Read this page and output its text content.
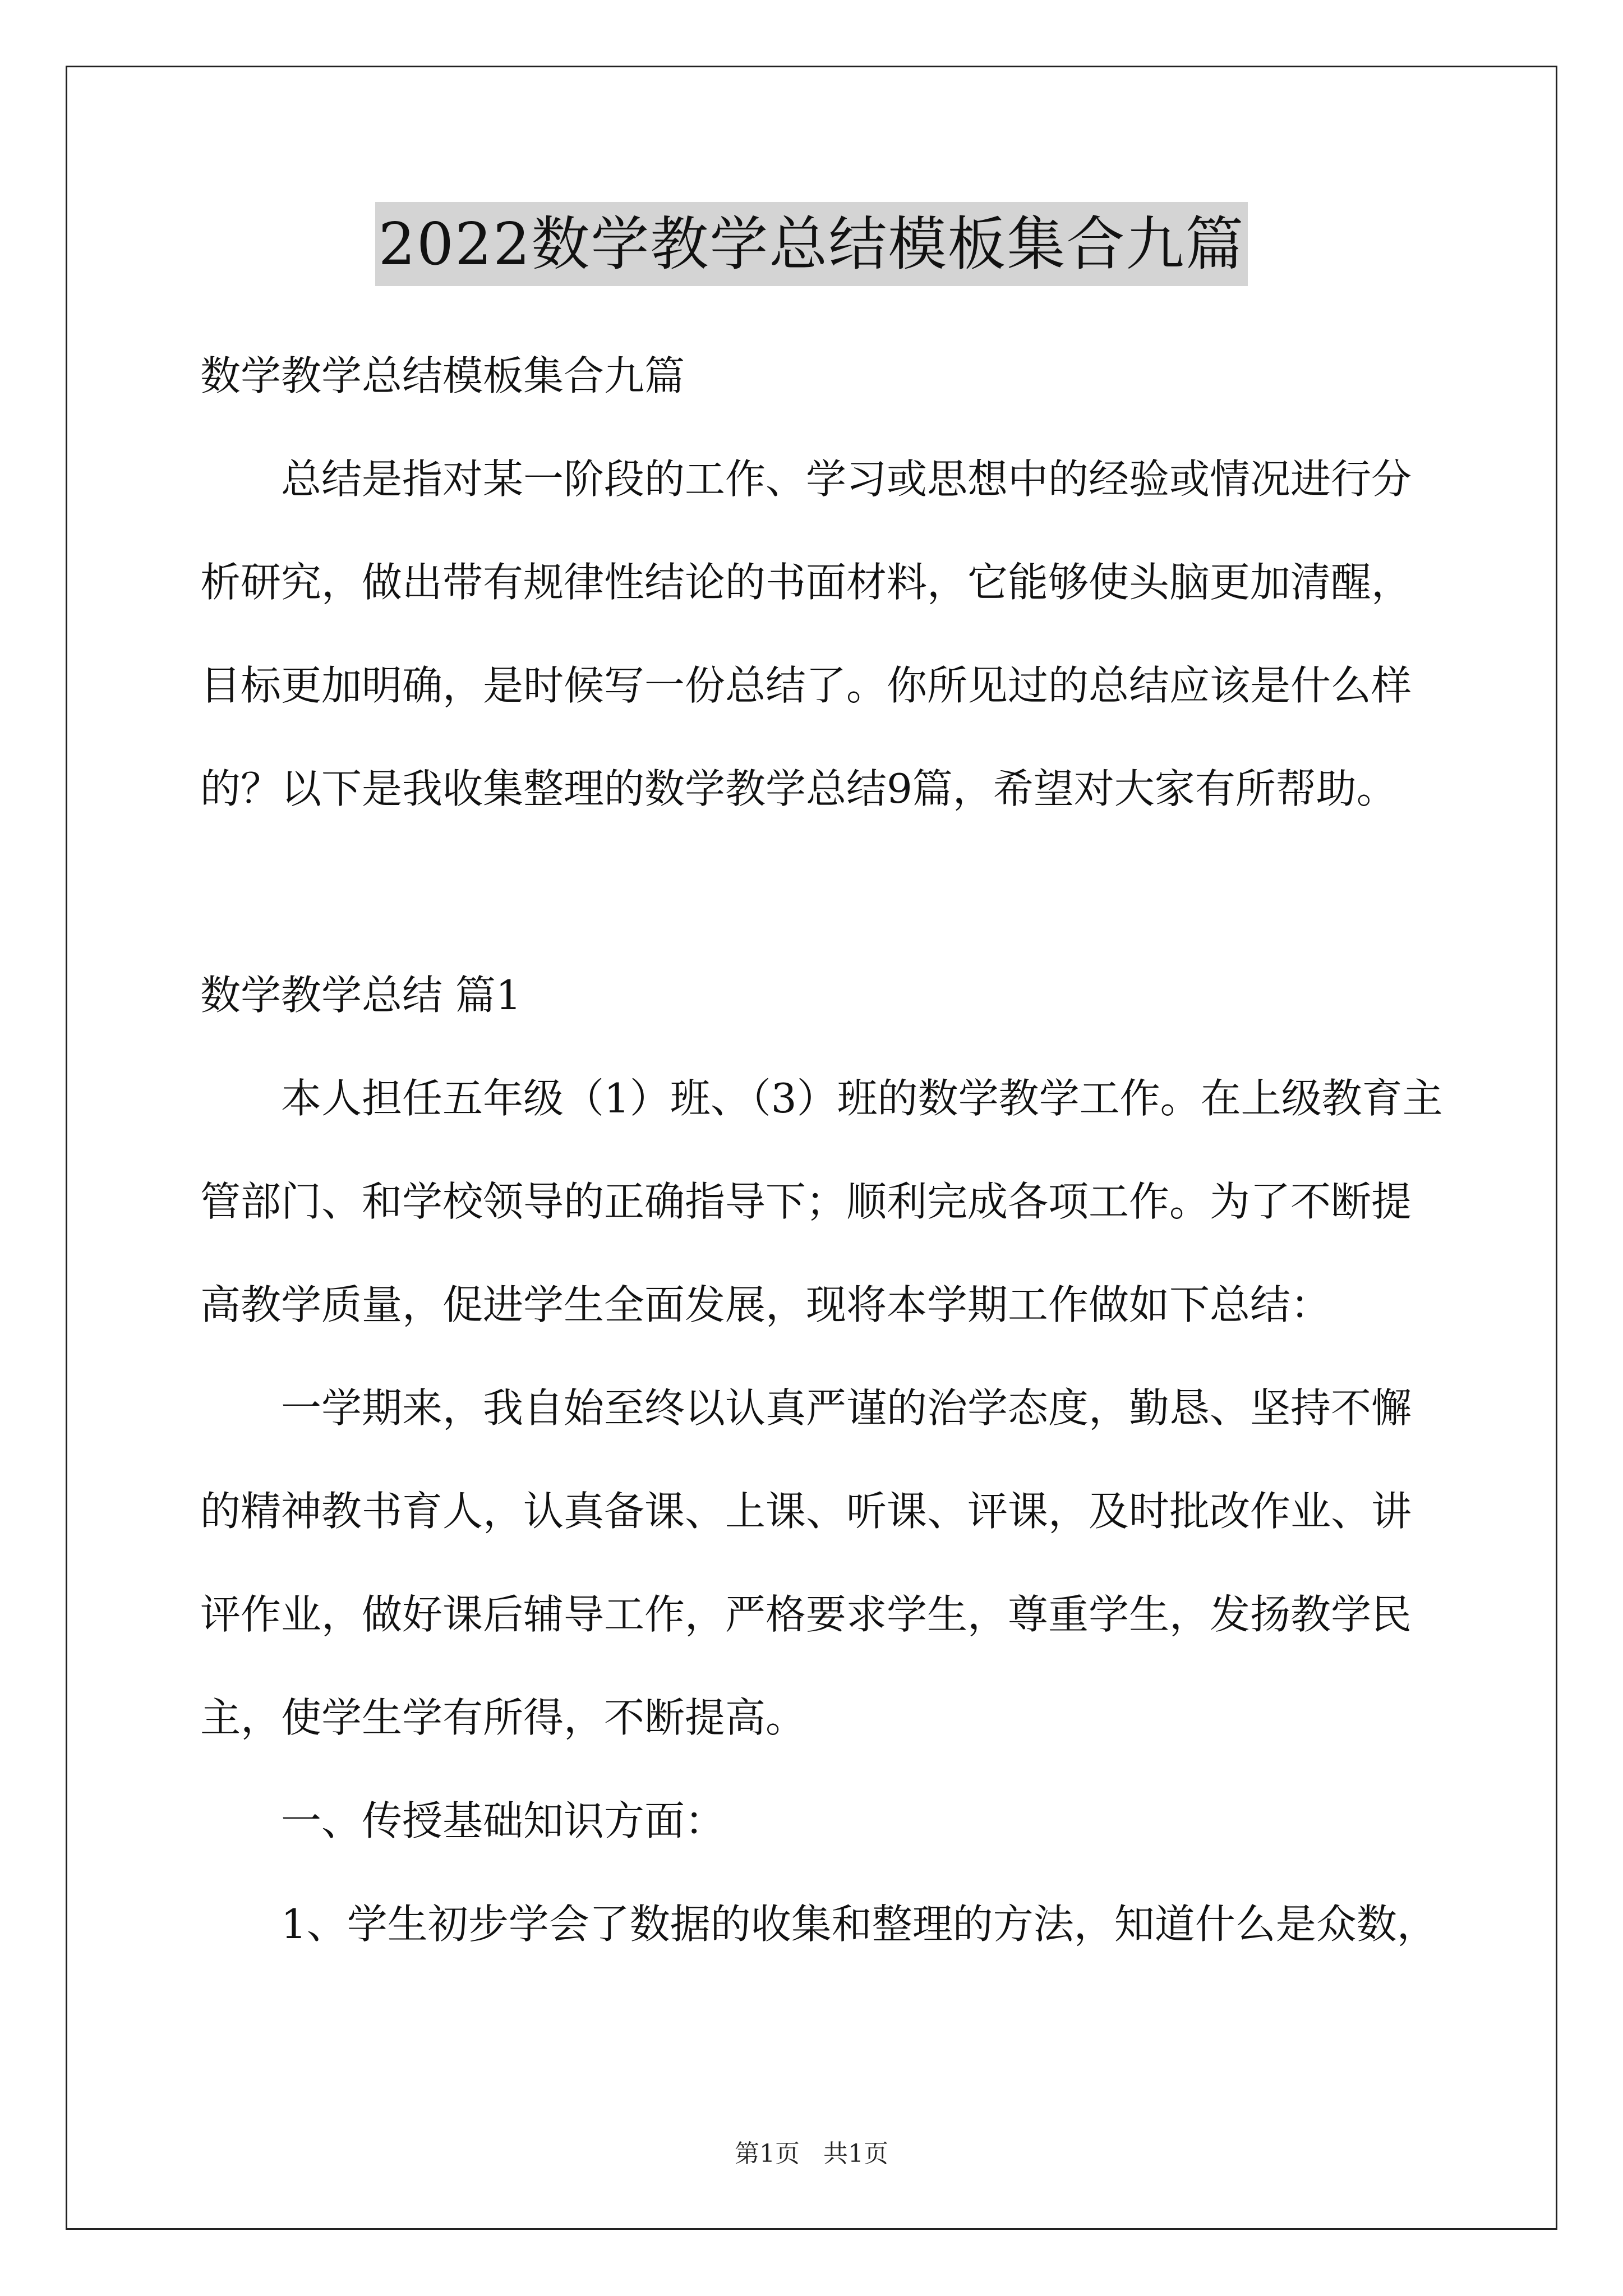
2022数学教学总结模板集合九篇
数学教学总结模板集合九篇
总结是指对某一阶段的工作、学习或思想中的经验或情况进行分
析研究，做出带有规律性结论的书面材料，它能够使头脑更加清醒，
目标更加明确，是时候写一份总结了。你所见过的总结应该是什么样
的？以下是我收集整理的数学教学总结9篇，希望对大家有所帮助。
数学教学总结 篇1
本人担任五年级（1）班、（3）班的数学教学工作。在上级教育主
管部门、和学校领导的正确指导下；顺利完成各项工作。为了不断提
高教学质量，促进学生全面发展，现将本学期工作做如下总结：
一学期来，我自始至终以认真严谨的治学态度，勤恳、坚持不懈
的精神教书育人，认真备课、上课、听课、评课，及时批改作业、讲
评作业，做好课后辅导工作，严格要求学生，尊重学生，发扬教学民
主，使学生学有所得，不断提高。
一、传授基础知识方面：
1、学生初步学会了数据的收集和整理的方法，知道什么是众数，
第1页 共1页
